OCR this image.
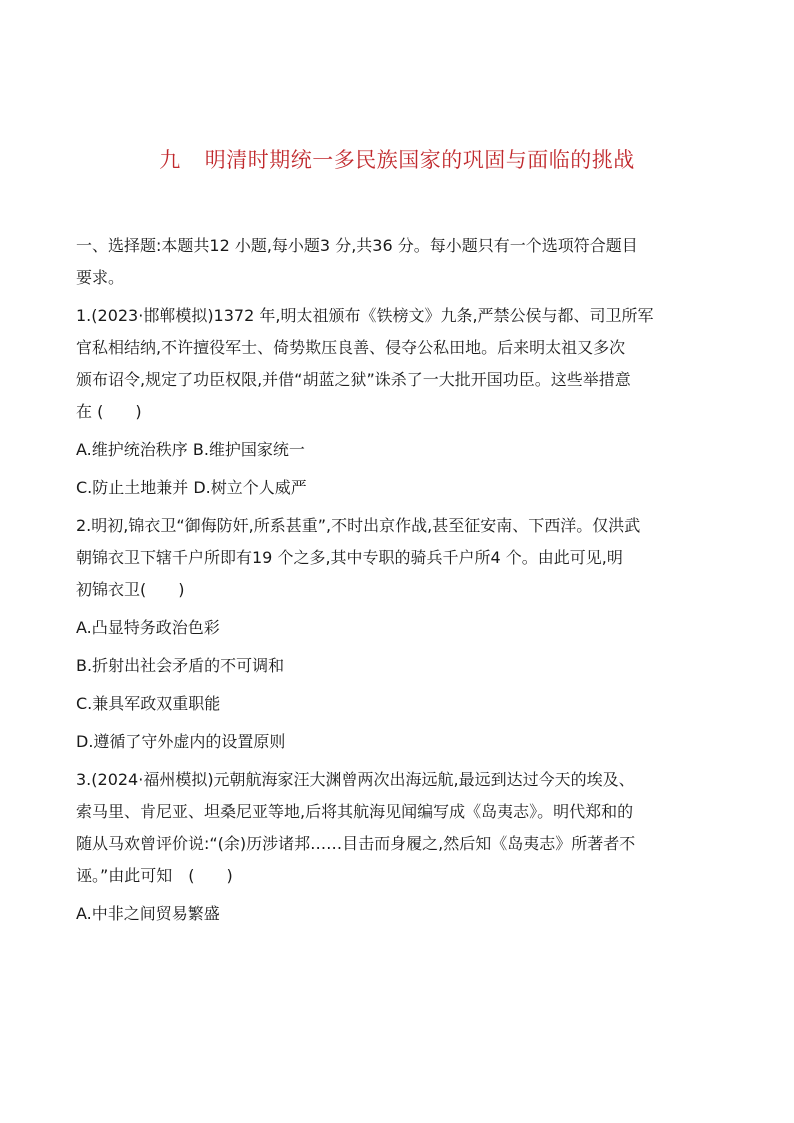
九 明清时期统一多民族国家的巩固与面临的挑战

一、选择题:本题共12 小题,每小题3 分,共36 分。每小题只有一个选项符合题目
要求。

1.(2023·邯郸模拟)1372 年,明太祖颁布《铁榜文》九条,严禁公侯与都、司卫所军
官私相结纳,不许擅役军士、倚势欺压良善、侵夺公私田地。后来明太祖又多次
颁布诏令,规定了功臣权限,并借“胡蓝之狱”诛杀了一大批开国功臣。这些举措意
在 (　　)

A.维护统治秩序 B.维护国家统一

C.防止土地兼并 D.树立个人威严

2.明初,锦衣卫“御侮防奸,所系甚重”,不时出京作战,甚至征安南、下西洋。仅洪武
朝锦衣卫下辖千户所即有19 个之多,其中专职的骑兵千户所4 个。由此可见,明
初锦衣卫(　　)

A.凸显特务政治色彩

B.折射出社会矛盾的不可调和

C.兼具军政双重职能

D.遵循了守外虚内的设置原则

3.(2024·福州模拟)元朝航海家汪大渊曾两次出海远航,最远到达过今天的埃及、
索马里、肯尼亚、坦桑尼亚等地,后将其航海见闻编写成《岛夷志》。明代郑和的
随从马欢曾评价说:“(余)历涉诸邦……目击而身履之,然后知《岛夷志》所著者不
诬。”由此可知　(　　)

A.中非之间贸易繁盛
